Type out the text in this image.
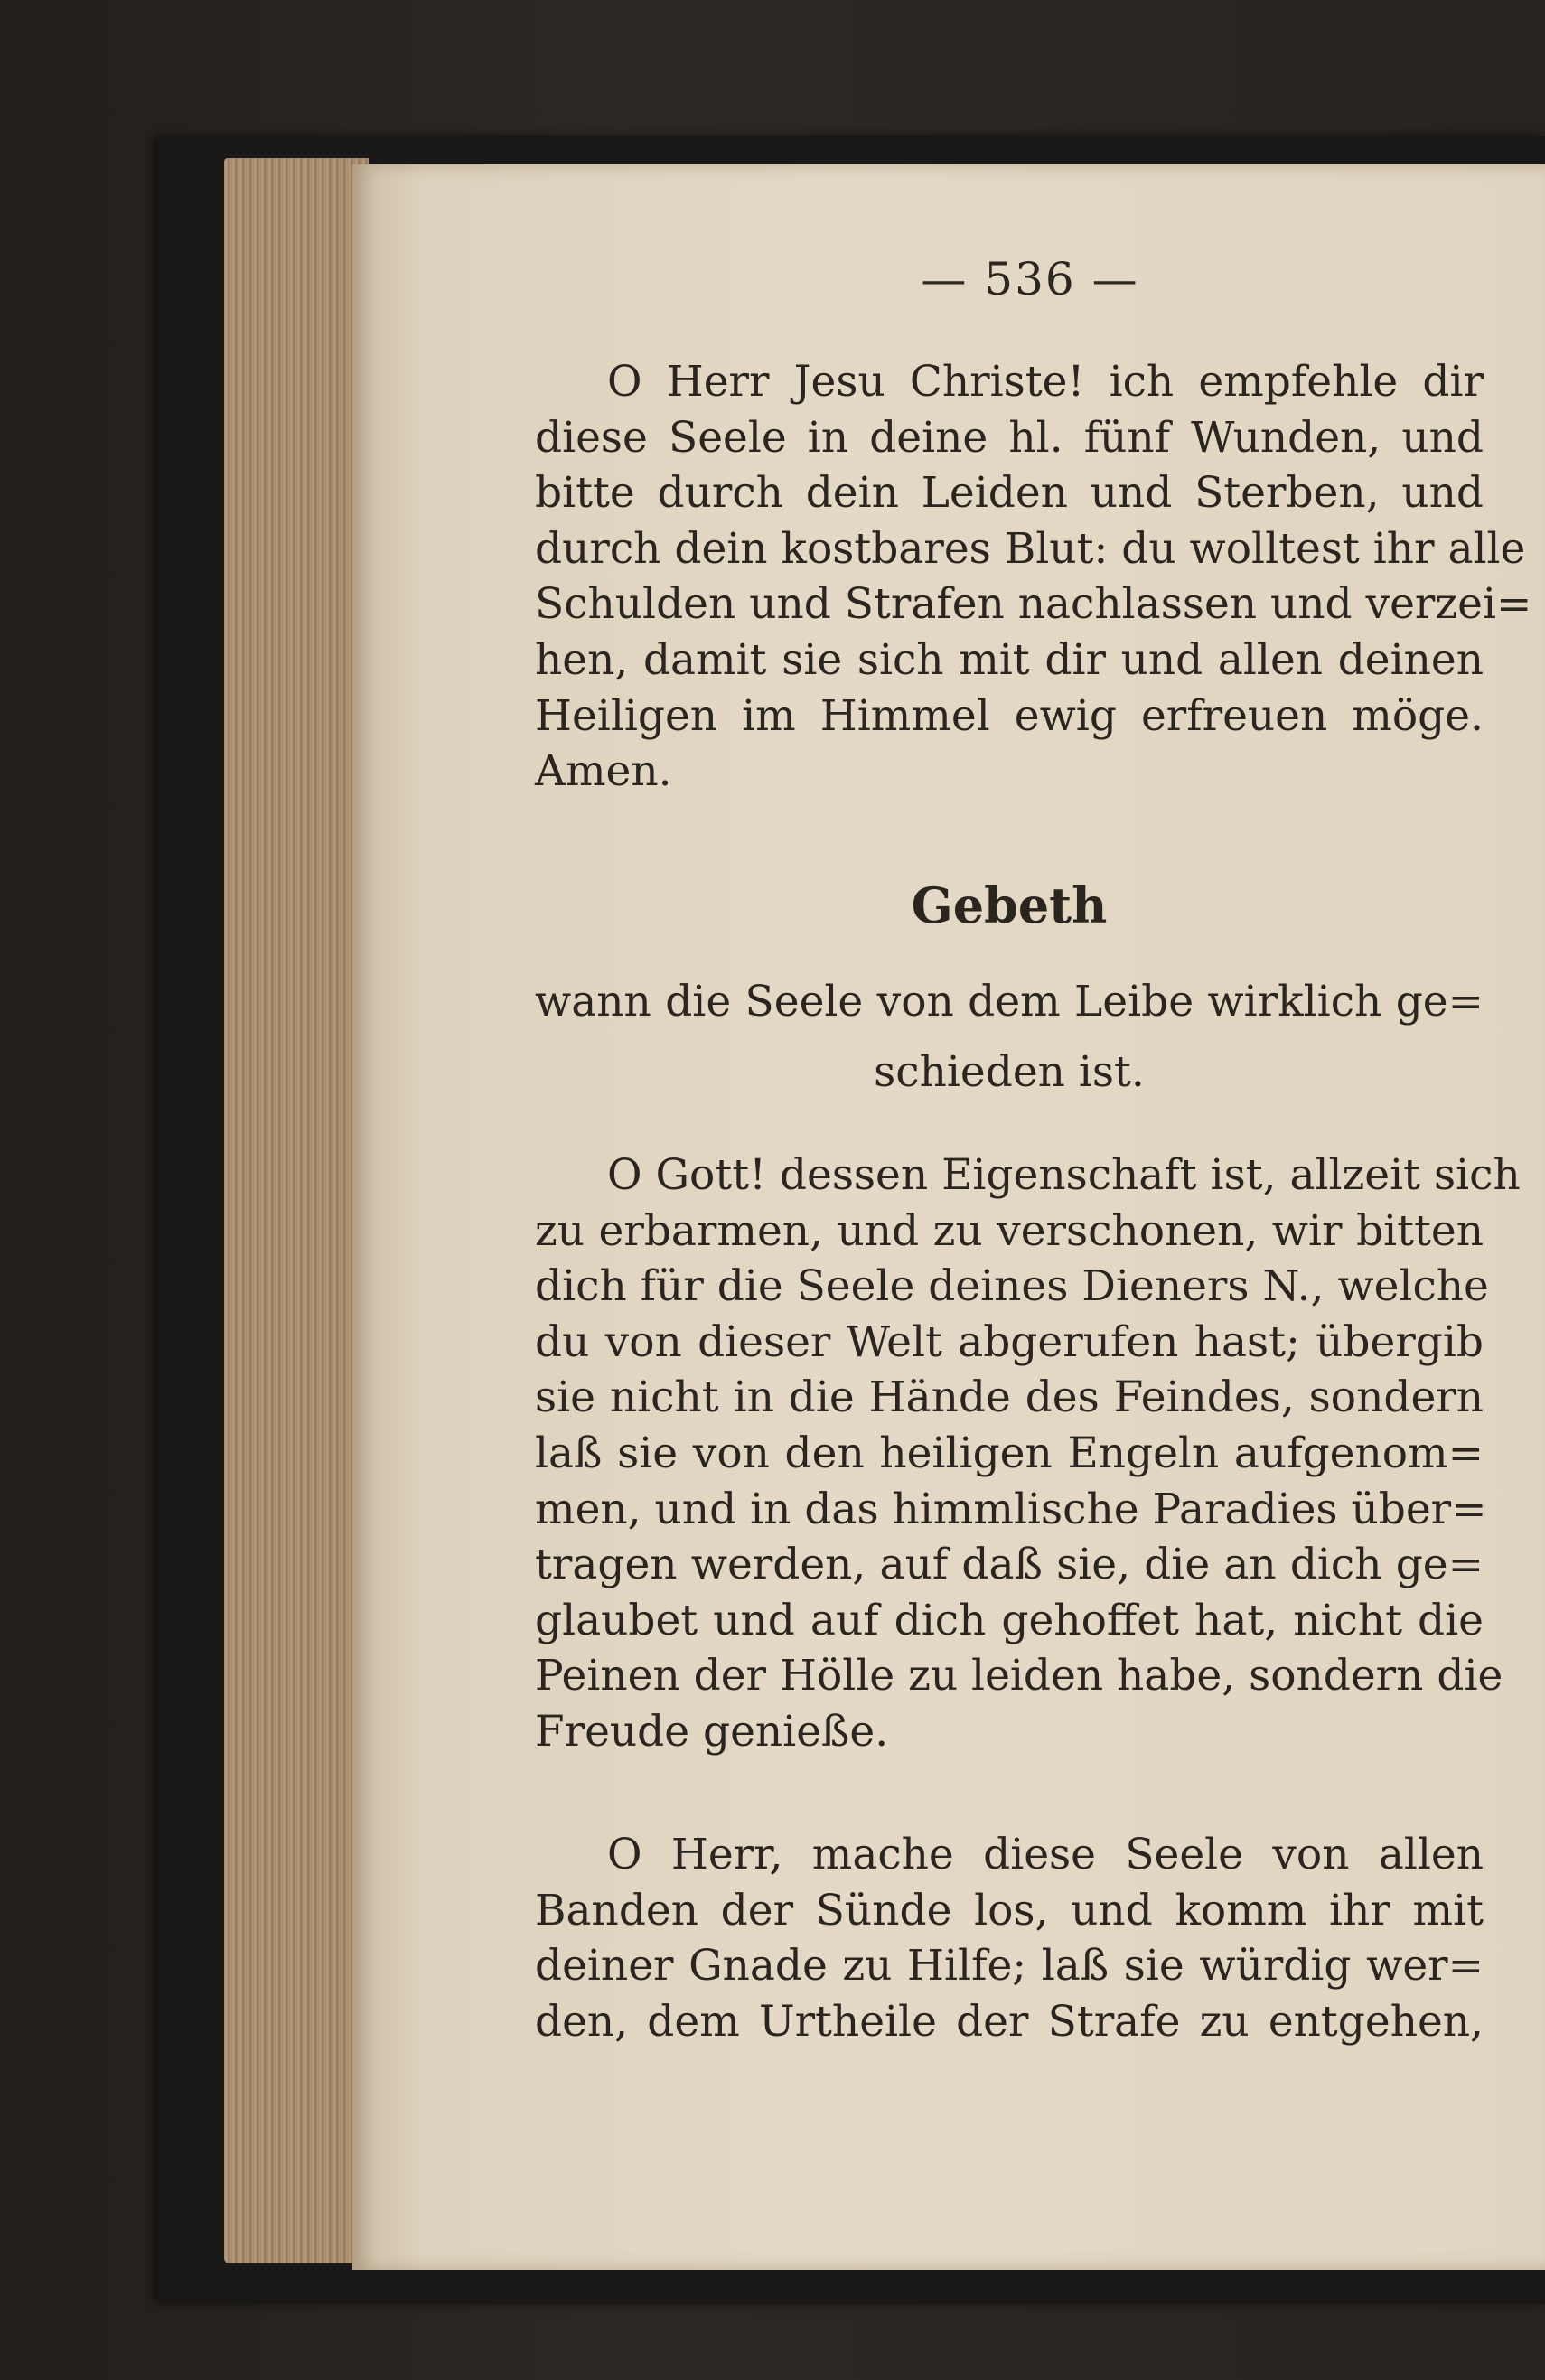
— 536 —

O Herr Jesu Christe! ich empfehle dir
diese Seele in deine hl. fünf Wunden, und
bitte durch dein Leiden und Sterben, und
durch dein kostbares Blut: du wolltest ihr alle
Schulden und Strafen nachlassen und verzei=
hen, damit sie sich mit dir und allen deinen
Heiligen im Himmel ewig erfreuen möge.
Amen.

Gebeth
wann die Seele von dem Leibe wirklich ge=
schieden ist.

O Gott! dessen Eigenschaft ist, allzeit sich
zu erbarmen, und zu verschonen, wir bitten
dich für die Seele deines Dieners N., welche
du von dieser Welt abgerufen hast; übergib
sie nicht in die Hände des Feindes, sondern
laß sie von den heiligen Engeln aufgenom=
men, und in das himmlische Paradies über=
tragen werden, auf daß sie, die an dich ge=
glaubet und auf dich gehoffet hat, nicht die
Peinen der Hölle zu leiden habe, sondern die
Freude genieße.

O Herr, mache diese Seele von allen
Banden der Sünde los, und komm ihr mit
deiner Gnade zu Hilfe; laß sie würdig wer=
den, dem Urtheile der Strafe zu entgehen,
